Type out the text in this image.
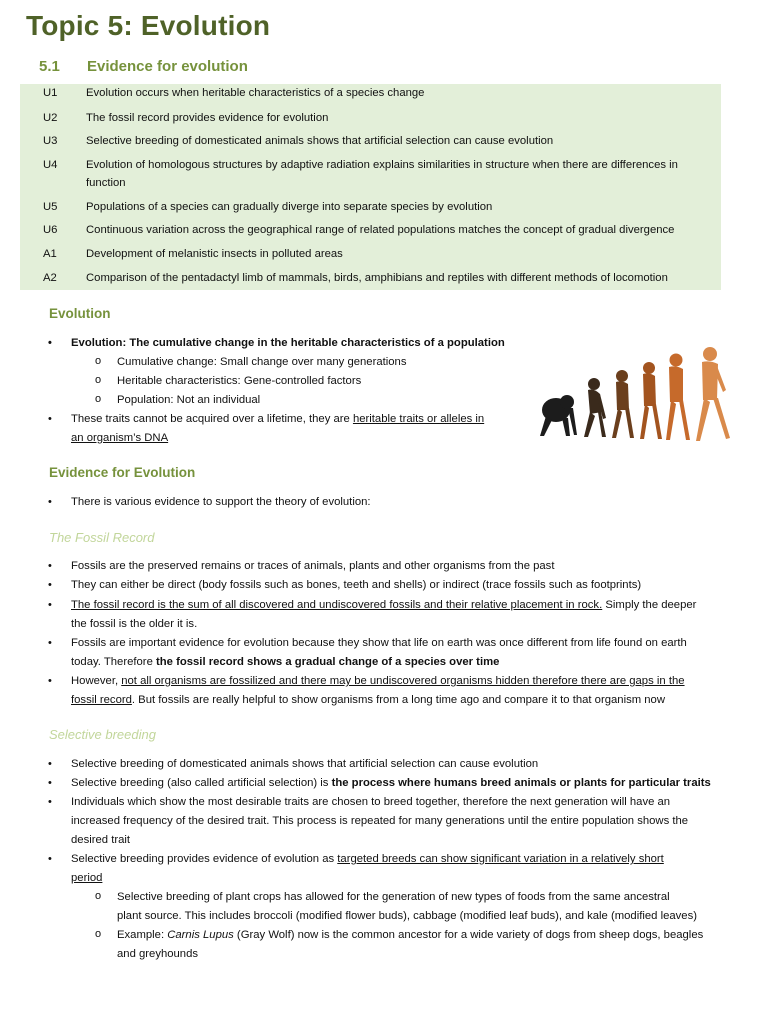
Topic 5: Evolution
5.1 Evidence for evolution
U1	Evolution occurs when heritable characteristics of a species change
U2	The fossil record provides evidence for evolution
U3	Selective breeding of domesticated animals shows that artificial selection can cause evolution
U4	Evolution of homologous structures by adaptive radiation explains similarities in structure when there are differences in function
U5	Populations of a species can gradually diverge into separate species by evolution
U6	Continuous variation across the geographical range of related populations matches the concept of gradual divergence
A1	Development of melanistic insects in polluted areas
A2	Comparison of the pentadactyl limb of mammals, birds, amphibians and reptiles with different methods of locomotion
Evolution
• Evolution: The cumulative change in the heritable characteristics of a population
o Cumulative change: Small change over many generations
o Heritable characteristics: Gene-controlled factors
o Population: Not an individual
• These traits cannot be acquired over a lifetime, they are heritable traits or alleles in
an organism’s DNA
Evidence for Evolution
• There is various evidence to support the theory of evolution:
The Fossil Record
• Fossils are the preserved remains or traces of animals, plants and other organisms from the past
• They can either be direct (body fossils such as bones, teeth and shells) or indirect (trace fossils such as footprints)
• The fossil record is the sum of all discovered and undiscovered fossils and their relative placement in rock. Simply the deeper
the fossil is the older it is.
• Fossils are important evidence for evolution because they show that life on earth was once different from life found on earth
today. Therefore the fossil record shows a gradual change of a species over time
• However, not all organisms are fossilized and there may be undiscovered organisms hidden therefore there are gaps in the
fossil record. But fossils are really helpful to show organisms from a long time ago and compare it to that organism now
Selective breeding
• Selective breeding of domesticated animals shows that artificial selection can cause evolution
• Selective breeding (also called artificial selection) is the process where humans breed animals or plants for particular traits
• Individuals which show the most desirable traits are chosen to breed together, therefore the next generation will have an
increased frequency of the desired trait. This process is repeated for many generations until the entire population shows the
desired trait
• Selective breeding provides evidence of evolution as targeted breeds can show significant variation in a relatively short
period
o Selective breeding of plant crops has allowed for the generation of new types of foods from the same ancestral
plant source. This includes broccoli (modified flower buds), cabbage (modified leaf buds), and kale (modified leaves)
o Example: Carnis Lupus (Gray Wolf) now is the common ancestor for a wide variety of dogs from sheep dogs, beagles
and greyhounds
